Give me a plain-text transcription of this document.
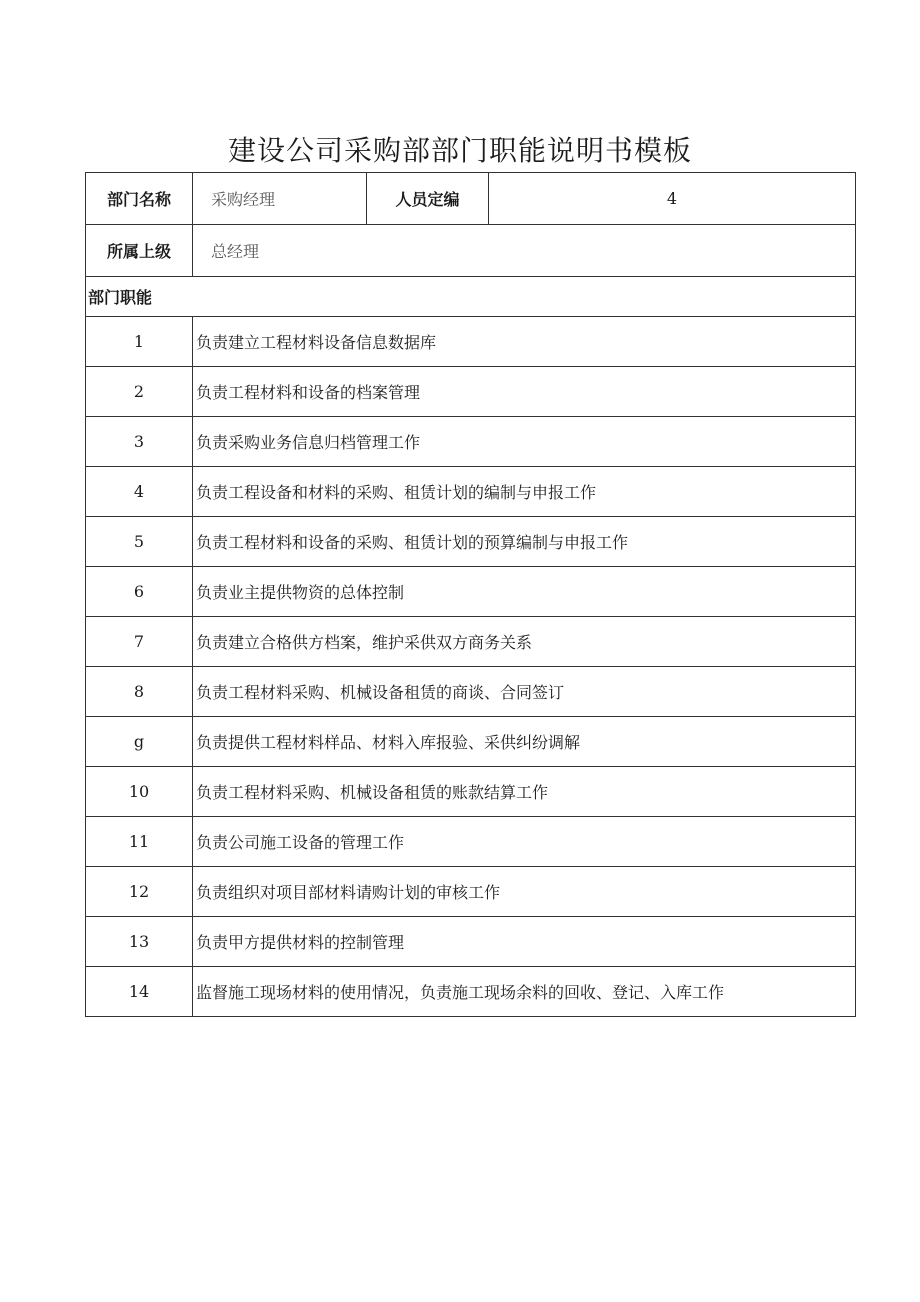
建设公司采购部部门职能说明书模板
部门名称	采购经理	人员定编	4
所属上级	总经理		
部门职能			
1	负责建立工程材料设备信息数据库		
2	负责工程材料和设备的档案管理		
3	负责采购业务信息归档管理工作		
4	负责工程设备和材料的采购、租赁计划的编制与申报工作		
5	负责工程材料和设备的采购、租赁计划的预算编制与申报工作		
6	负责业主提供物资的总体控制		
7	负责建立合格供方档案，维护采供双方商务关系		
8	负责工程材料采购、机械设备租赁的商谈、合同签订		
g	负责提供工程材料样品、材料入库报验、采供纠纷调解		
10	负责工程材料采购、机械设备租赁的账款结算工作		
11	负责公司施工设备的管理工作		
12	负责组织对项目部材料请购计划的审核工作		
13	负责甲方提供材料的控制管理		
14	监督施工现场材料的使用情况，负责施工现场余料的回收、登记、入库工作		
